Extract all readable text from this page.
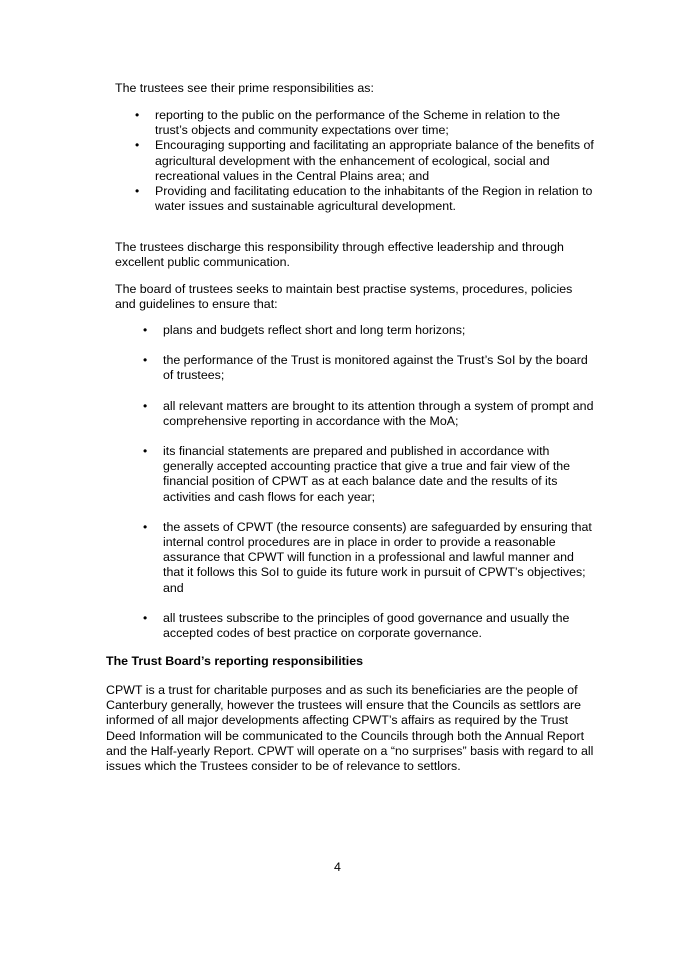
The trustees see their prime responsibilities as:

•	reporting to the public on the performance of the Scheme in relation to the trust’s objects and community expectations over time;
•	Encouraging supporting and facilitating an appropriate balance of the benefits of agricultural development with the enhancement of ecological, social and recreational values in the Central Plains area; and
•	Providing and facilitating education to the inhabitants of the Region in relation to water issues and sustainable agricultural development.

The trustees discharge this responsibility through effective leadership and through excellent public communication.

The board of trustees seeks to maintain best practise systems, procedures, policies and guidelines to ensure that:

•	plans and budgets reflect short and long term horizons;
•	the performance of the Trust is monitored against the Trust’s SoI by the board of trustees;
•	all relevant matters are brought to its attention through a system of prompt and comprehensive reporting in accordance with the MoA;
•	its financial statements are prepared and published in accordance with generally accepted accounting practice that give a true and fair view of the financial position of CPWT as at each balance date and the results of its activities and cash flows for each year;
•	the assets of CPWT (the resource consents) are safeguarded by ensuring that internal control procedures are in place in order to provide a reasonable assurance that CPWT will function in a professional and lawful manner and that it follows this SoI to guide its future work in pursuit of CPWT’s objectives; and
•	all trustees subscribe to the principles of good governance and usually the accepted codes of best practice on corporate governance.

The Trust Board’s reporting responsibilities

CPWT is a trust for charitable purposes and as such its beneficiaries are the people of Canterbury generally, however the trustees will ensure that the Councils as settlors are informed of all major developments affecting CPWT’s affairs as required by the Trust Deed Information will be communicated to the Councils through both the Annual Report and the Half-yearly Report. CPWT will operate on a “no surprises” basis with regard to all issues which the Trustees consider to be of relevance to settlors.

4
